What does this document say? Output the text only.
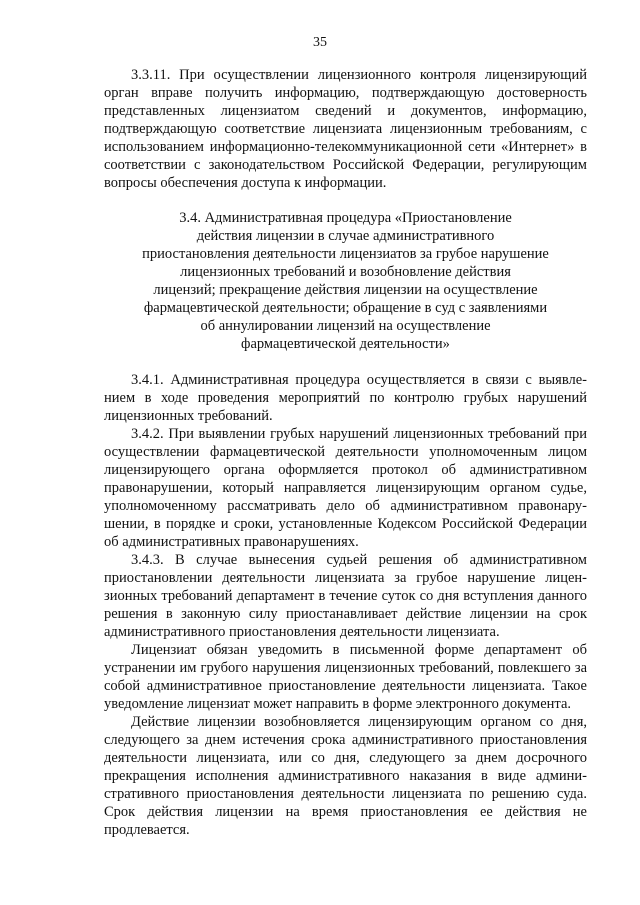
35
3.3.11. При осуществлении лицензионного контроля лицензирующий
орган вправе получить информацию, подтверждающую достоверность
представленных лицензиатом сведений и документов, информацию,
подтверждающую соответствие лицензиата лицензионным требованиям, с
использованием информационно-телекоммуникационной сети «Интернет» в
соответствии с законодательством Российской Федерации, регулирующим
вопросы обеспечения доступа к информации.
3.4. Административная процедура «Приостановление
действия лицензии в случае административного
приостановления деятельности лицензиатов за грубое нарушение
лицензионных требований и возобновление действия
лицензий; прекращение действия лицензии на осуществление
фармацевтической деятельности; обращение в суд с заявлениями
об аннулировании лицензий на осуществление
фармацевтической деятельности»
3.4.1. Административная процедура осуществляется в связи с выявле-
нием в ходе проведения мероприятий по контролю грубых нарушений
лицензионных требований.
3.4.2. При выявлении грубых нарушений лицензионных требований при
осуществлении фармацевтической деятельности уполномоченным лицом
лицензирующего органа оформляется протокол об административном
правонарушении, который направляется лицензирующим органом судье,
уполномоченному рассматривать дело об административном правонару-
шении, в порядке и сроки, установленные Кодексом Российской Федерации
об административных правонарушениях.
3.4.3. В случае вынесения судьей решения об административном
приостановлении деятельности лицензиата за грубое нарушение лицен-
зионных требований департамент в течение суток со дня вступления данного
решения в законную силу приостанавливает действие лицензии на срок
административного приостановления деятельности лицензиата.
Лицензиат обязан уведомить в письменной форме департамент об
устранении им грубого нарушения лицензионных требований, повлекшего за
собой административное приостановление деятельности лицензиата. Такое
уведомление лицензиат может направить в форме электронного документа.
Действие лицензии возобновляется лицензирующим органом со дня,
следующего за днем истечения срока административного приостановления
деятельности лицензиата, или со дня, следующего за днем досрочного
прекращения исполнения административного наказания в виде админи-
стративного приостановления деятельности лицензиата по решению суда.
Срок действия лицензии на время приостановления ее действия не
продлевается.
